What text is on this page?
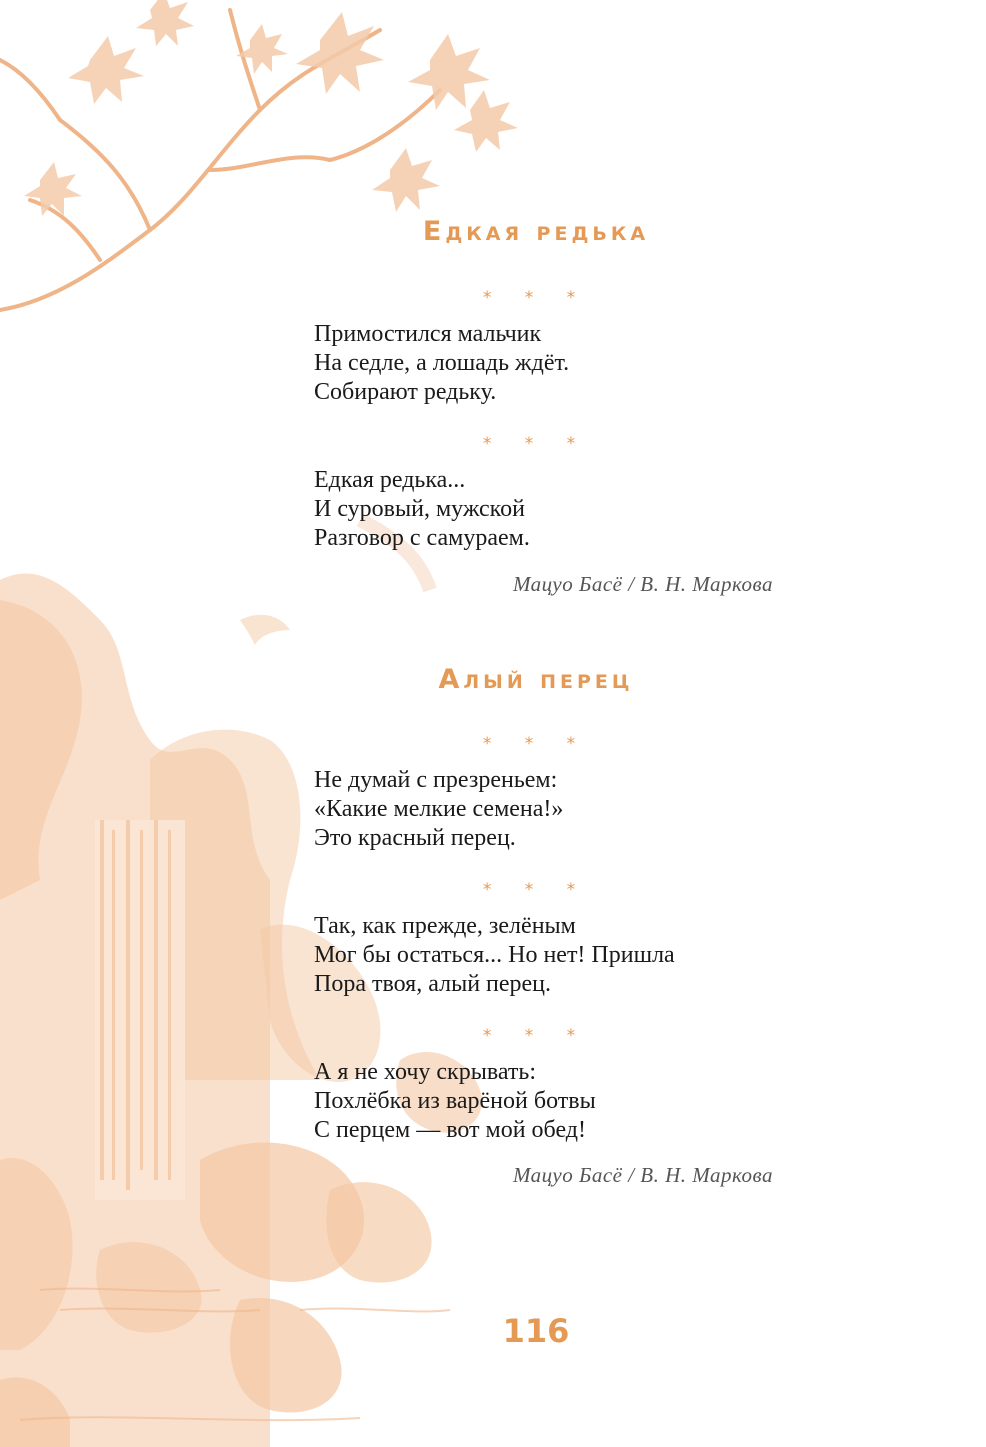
Едкая редька
* * *
Примостился мальчик
На седле, а лошадь ждёт.
Собирают редьку.
* * *
Едкая редька...
И суровый, мужской
Разговор с самураем.
Мацуо Басё / В. Н. Маркова
Алый перец
* * *
Не думай с презреньем:
«Какие мелкие семена!»
Это красный перец.
* * *
Так, как прежде, зелёным
Мог бы остаться... Но нет! Пришла
Пора твоя, алый перец.
* * *
А я не хочу скрывать:
Похлёбка из варёной ботвы
С перцем — вот мой обед!
Мацуо Басё / В. Н. Маркова
116
